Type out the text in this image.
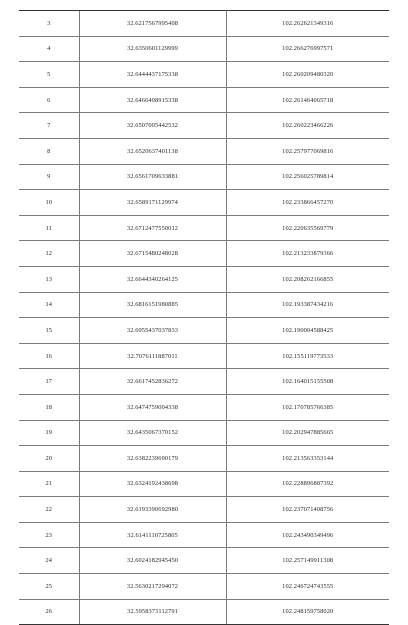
3	32.6217567995408	102.262621349316
4	32.6350601129999	102.266276997571
5	32.6444437175338	102.260209480320
6	32.6466408915338	102.261464065718
7	32.6507005442532	102.260223466226
8	32.6520637401138	102.257977069816
9	32.6561709633881	102.256025789814
10	32.6589171129974	102.233866457270
11	32.6712477550012	102.220635569779
12	32.6715480248028	102.213233879366
13	32.6644340264125	102.208262166855
14	32.6816151980885	102.193387434216
15	32.6955437037833	102.190004588425
16	32.7076111887011	102.155119773533
17	32.6617452836272	102.164015155508
18	32.6474759004338	102.170785766385
19	32.6435067370152	102.202947885665
20	32.6382239690179	102.213563353144
21	32.6324192438698	102.228896887392
22	32.6193390692980	102.237071408756
23	32.6141110725805	102.243490349496
24	32.6024182945450	102.257149911308
25	32.5630217294072	102.246724743555
26	32.5958373112791	102.248159758020
